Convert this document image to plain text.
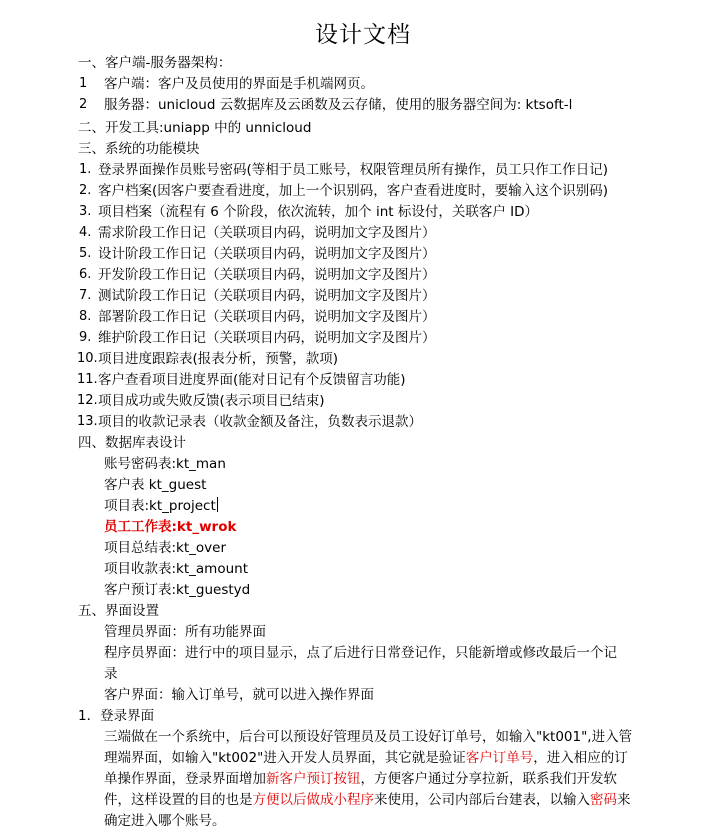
设计文档
一、客户端-服务器架构：
1 客户端：客户及员使用的界面是手机端网页。
2 服务器：unicloud 云数据库及云函数及云存储，使用的服务器空间为: ktsoft-l
二、开发工具:uniapp 中的 unnicloud
三、系统的功能模块
1. 登录界面操作员账号密码(等相于员工账号，权限管理员所有操作，员工只作工作日记)
2. 客户档案(因客户要查看进度，加上一个识别码，客户查看进度时，要输入这个识别码)
3. 项目档案（流程有 6 个阶段，依次流转，加个 int 标设付，关联客户 ID）
4. 需求阶段工作日记（关联项目内码，说明加文字及图片）
5. 设计阶段工作日记（关联项目内码，说明加文字及图片）
6. 开发阶段工作日记（关联项目内码，说明加文字及图片）
7. 测试阶段工作日记（关联项目内码，说明加文字及图片）
8. 部署阶段工作日记（关联项目内码，说明加文字及图片）
9. 维护阶段工作日记（关联项目内码，说明加文字及图片）
10. 项目进度跟踪表(报表分析，预警，款项)
11. 客户查看项目进度界面(能对日记有个反馈留言功能)
12. 项目成功或失败反馈(表示项目已结束)
13. 项目的收款记录表（收款金额及备注，负数表示退款）
四、数据库表设计
账号密码表:kt_man
客户表 kt_guest
项目表:kt_project
员工工作表:kt_wrok
项目总结表:kt_over
项目收款表:kt_amount
客户预订表:kt_guestyd
五、界面设置
管理员界面：所有功能界面
程序员界面：进行中的项目显示，点了后进行日常登记作，只能新增或修改最后一个记
录
客户界面：输入订单号，就可以进入操作界面
1．登录界面
三端做在一个系统中，后台可以预设好管理员及员工设好订单号，如输入"kt001",进入管理端界面，如输入"kt002"进入开发人员界面，其它就是验证客户订单号，进入相应的订单操作界面，登录界面增加新客户预订按钮，方便客户通过分享拉新，联系我们开发软件，这样设置的目的也是方便以后做成小程序来使用，公司内部后台建表，以输入密码来确定进入哪个账号。
